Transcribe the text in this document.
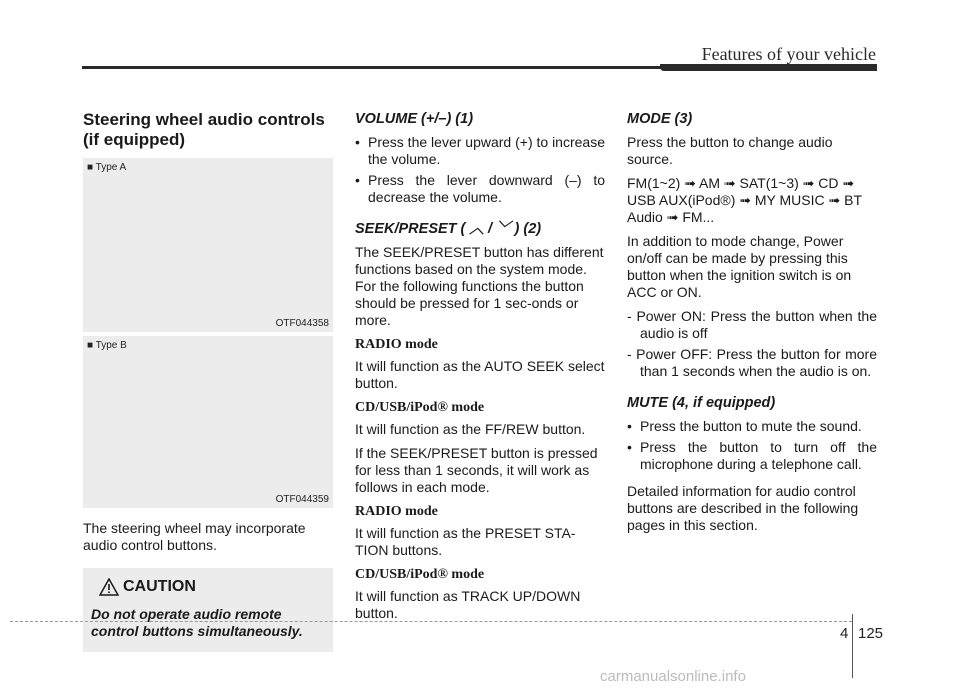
Features of your vehicle
Steering wheel audio controls (if equipped)
■ Type A
OTF044358
■ Type B
OTF044359

The steering wheel may incorporate audio control buttons.

CAUTION
Do not operate audio remote control buttons simultaneously.
VOLUME (+/–) (1)
• Press the lever upward (+) to increase the volume.
• Press the lever downward (–) to decrease the volume.
SEEK/PRESET ( ︿ / ﹀ ) (2)

The SEEK/PRESET button has different functions based on the system mode. For the following functions the button should be pressed for 1 sec-onds or more.

RADIO mode

It will function as the AUTO SEEK select button.

CD/USB/iPod® mode

It will function as the FF/REW button.

If the SEEK/PRESET button is pressed for less than 1 seconds, it will work as follows in each mode.

RADIO mode

It will function as the PRESET STA-TION buttons.

CD/USB/iPod® mode

It will function as TRACK UP/DOWN button.

MODE (3)

Press the button to change audio source.

FM(1~2) ➟ AM ➟ SAT(1~3) ➟ CD ➟ USB AUX(iPod®) ➟ MY MUSIC ➟ BT Audio ➟ FM...

In addition to mode change, Power on/off can be made by pressing this button when the ignition switch is on ACC or ON.

- Power ON: Press the button when the audio is off
- Power OFF: Press the button for more than 1 seconds when the audio is on.
MUTE (4, if equipped)
• Press the button to mute the sound.
• Press the button to turn off the microphone during a telephone call.

Detailed information for audio control buttons are described in the following pages in this section.

4 125
carmanualsonline.info
